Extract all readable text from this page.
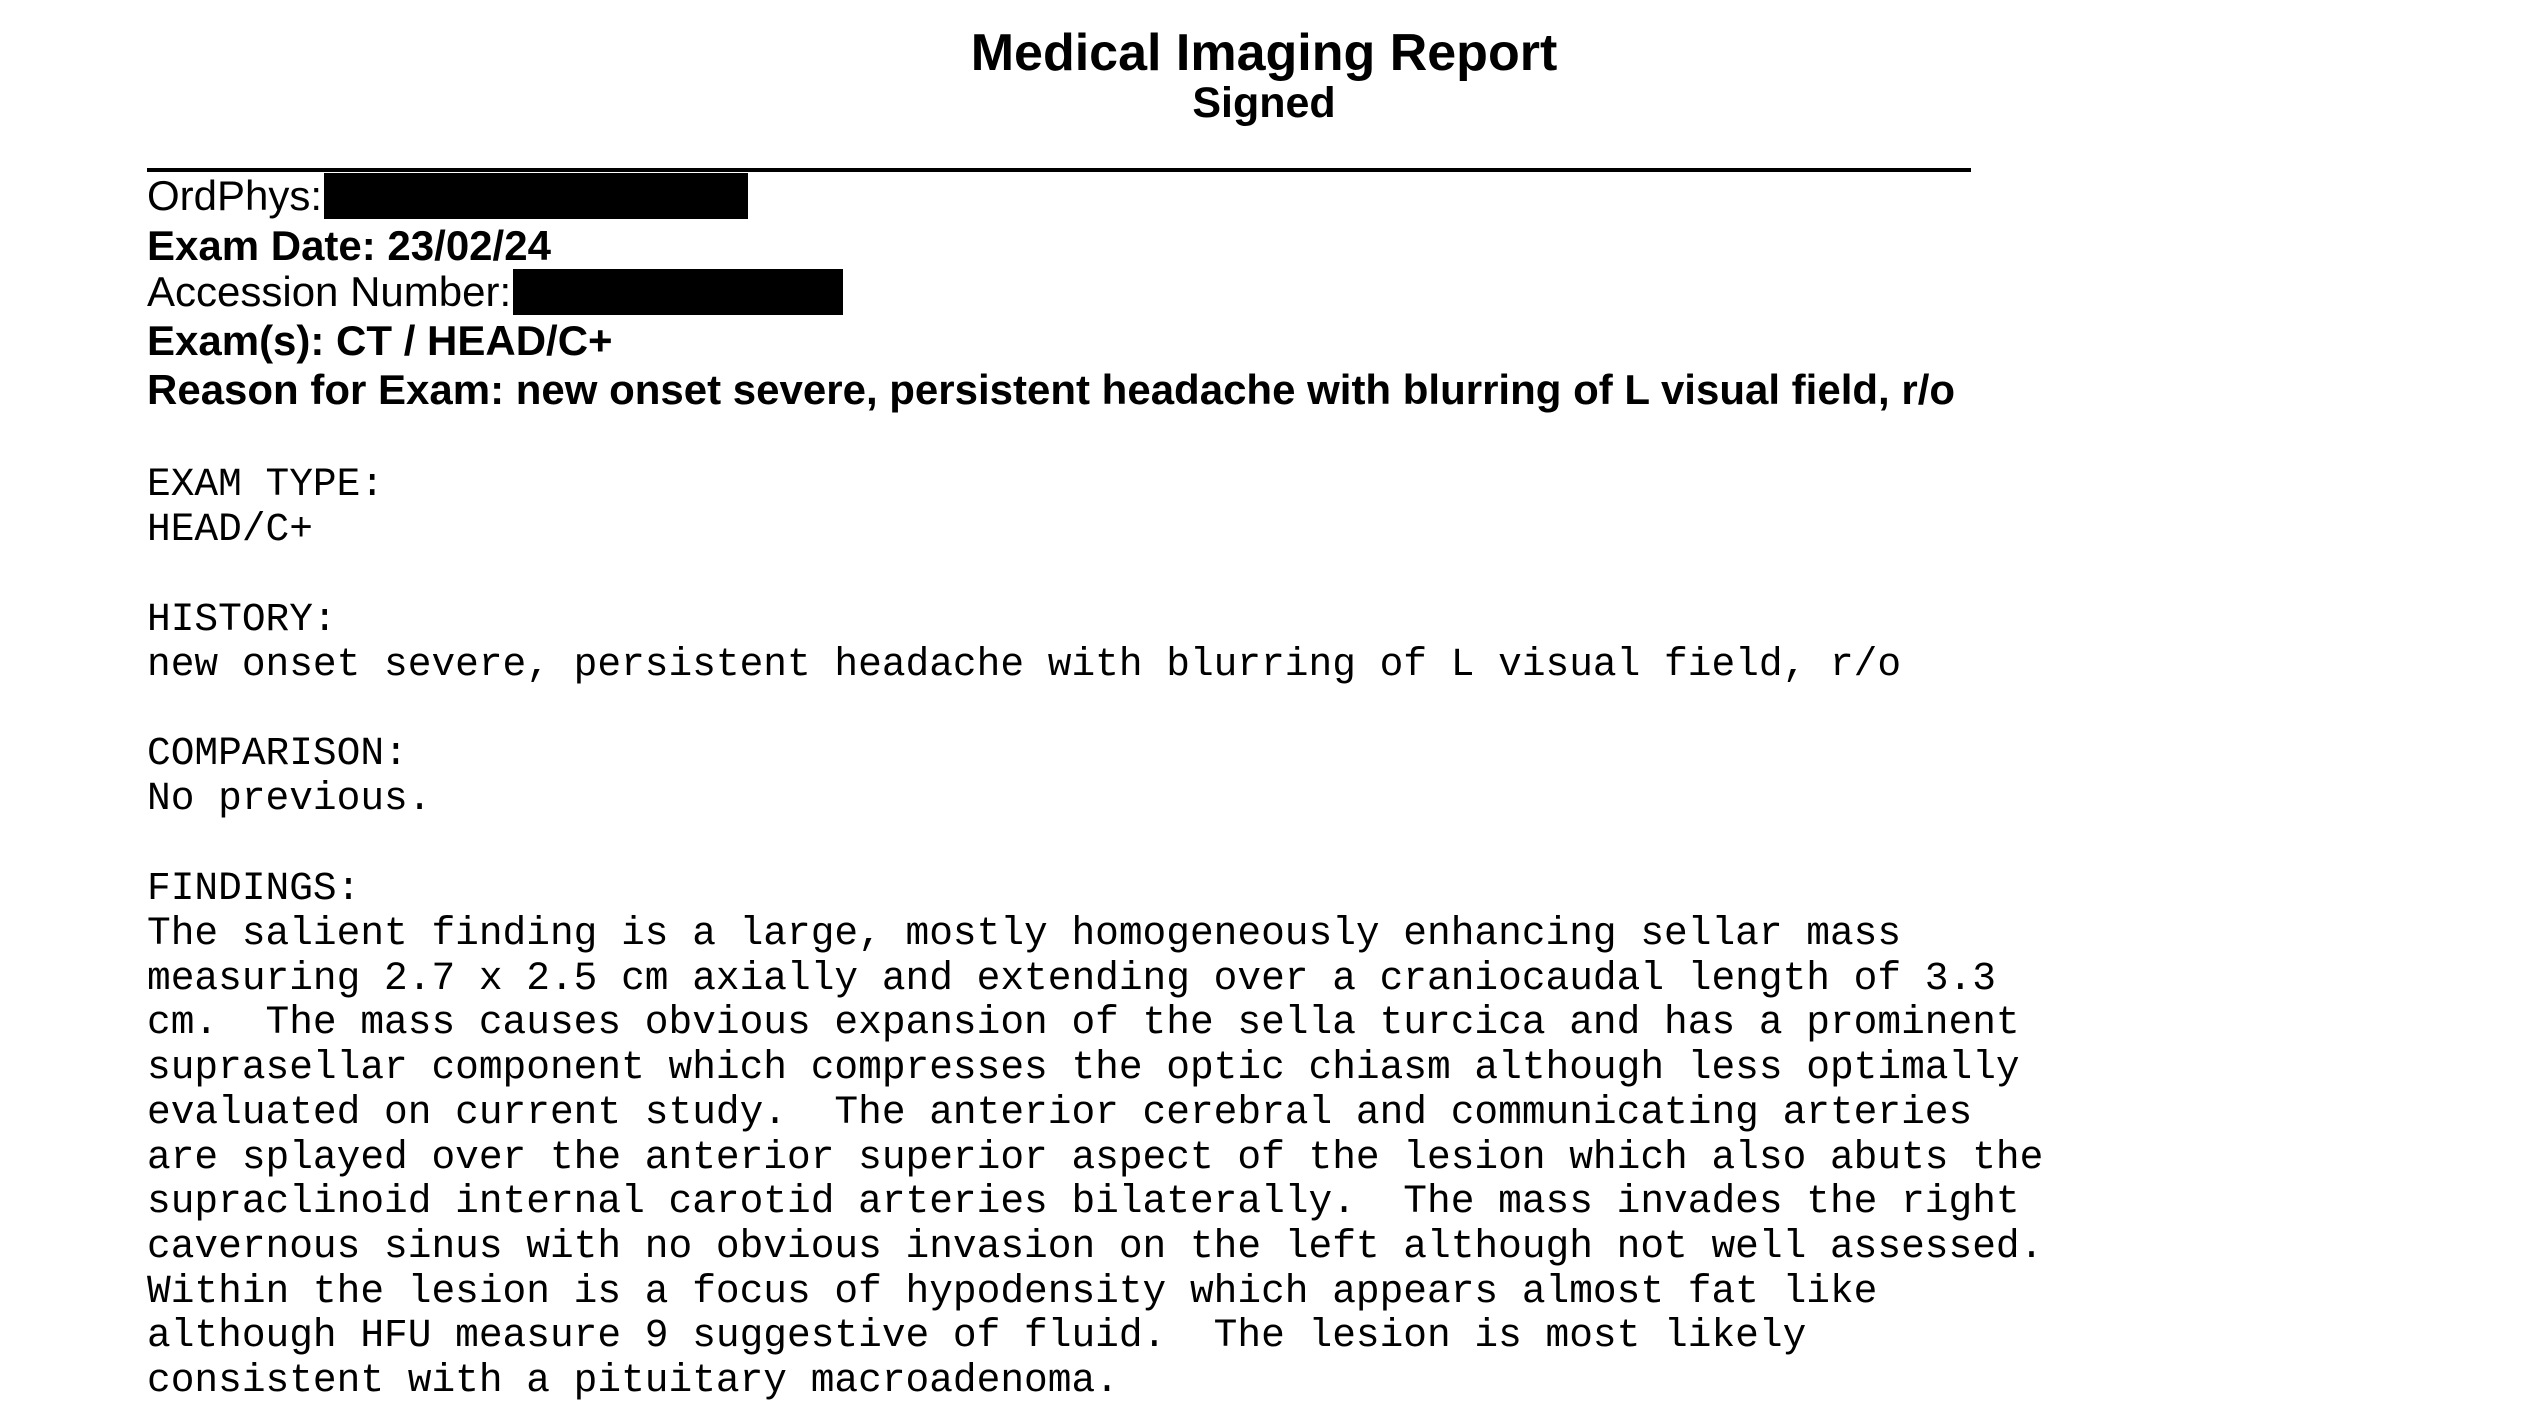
Medical Imaging Report
Signed
OrdPhys:
Exam Date: 23/02/24
Accession Number:
Exam(s): CT / HEAD/C+
Reason for Exam: new onset severe, persistent headache with blurring of L visual field, r/o
EXAM TYPE:
HEAD/C+
HISTORY:
new onset severe, persistent headache with blurring of L visual field, r/o
COMPARISON:
No previous.
FINDINGS:
The salient finding is a large, mostly homogeneously enhancing sellar mass
measuring 2.7 x 2.5 cm axially and extending over a craniocaudal length of 3.3
cm.  The mass causes obvious expansion of the sella turcica and has a prominent
suprasellar component which compresses the optic chiasm although less optimally
evaluated on current study.  The anterior cerebral and communicating arteries
are splayed over the anterior superior aspect of the lesion which also abuts the
supraclinoid internal carotid arteries bilaterally.  The mass invades the right
cavernous sinus with no obvious invasion on the left although not well assessed.
Within the lesion is a focus of hypodensity which appears almost fat like
although HFU measure 9 suggestive of fluid.  The lesion is most likely
consistent with a pituitary macroadenoma.
